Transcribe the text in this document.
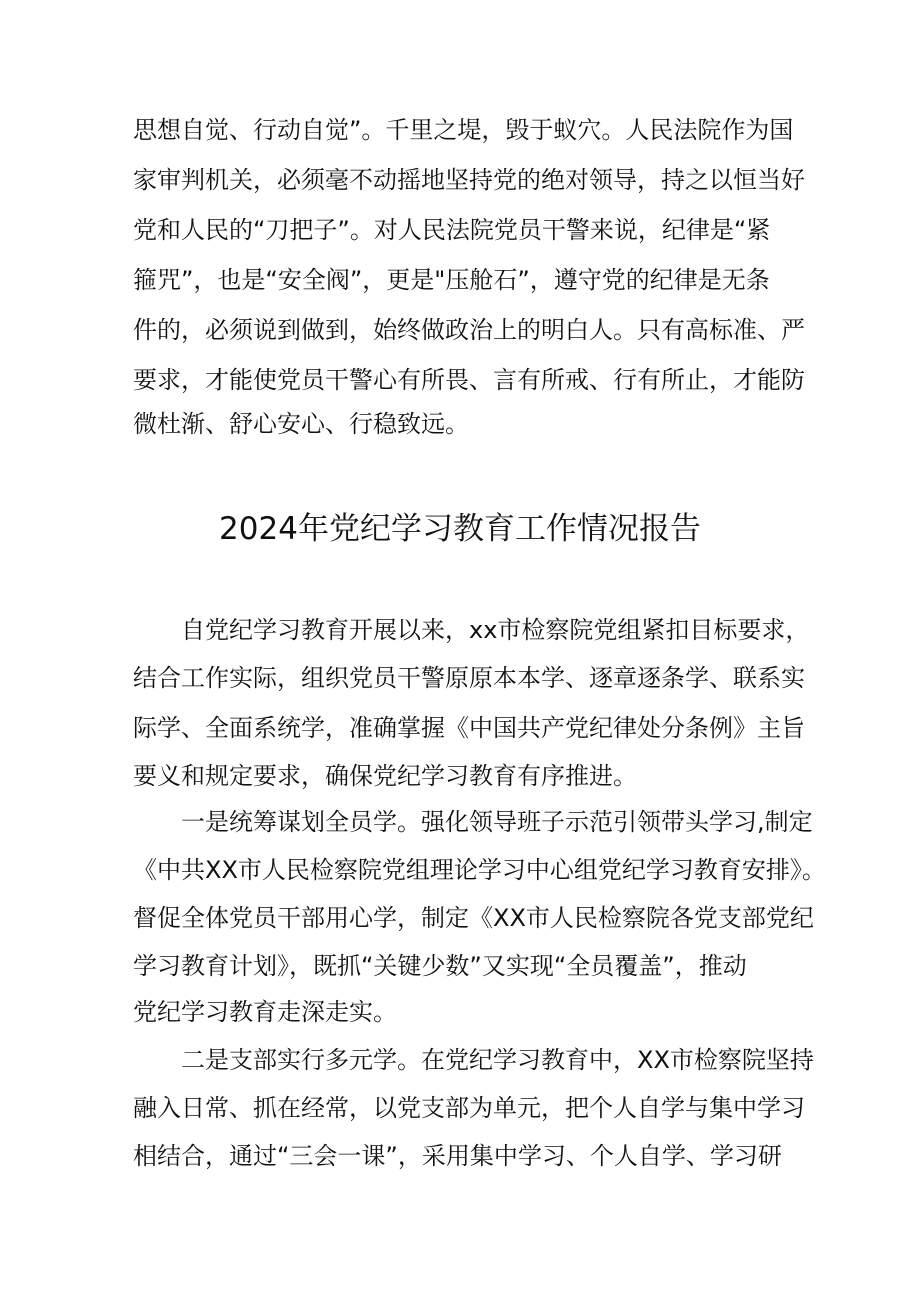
思想自觉、行动自觉”。千里之堤，毁于蚁穴。人民法院作为国
家审判机关，必须毫不动摇地坚持党的绝对领导，持之以恒当好
党和人民的“刀把子”。对人民法院党员干警来说，纪律是“紧
箍咒”，也是“安全阀”，更是"压舱石”，遵守党的纪律是无条
件的，必须说到做到，始终做政治上的明白人。只有高标准、严
要求，才能使党员干警心有所畏、言有所戒、行有所止，才能防
微杜渐、舒心安心、行稳致远。
2024年党纪学习教育工作情况报告
自党纪学习教育开展以来，xx市检察院党组紧扣目标要求，
结合工作实际，组织党员干警原原本本学、逐章逐条学、联系实
际学、全面系统学，准确掌握《中国共产党纪律处分条例》主旨
要义和规定要求，确保党纪学习教育有序推进。
一是统筹谋划全员学。强化领导班子示范引领带头学习,制定
《中共XX市人民检察院党组理论学习中心组党纪学习教育安排》。
督促全体党员干部用心学，制定《XX市人民检察院各党支部党纪
学习教育计划》，既抓“关键少数”又实现“全员覆盖”，推动
党纪学习教育走深走实。
二是支部实行多元学。在党纪学习教育中，XX市检察院坚持
融入日常、抓在经常，以党支部为单元，把个人自学与集中学习
相结合，通过“三会一课”，采用集中学习、个人自学、学习研
